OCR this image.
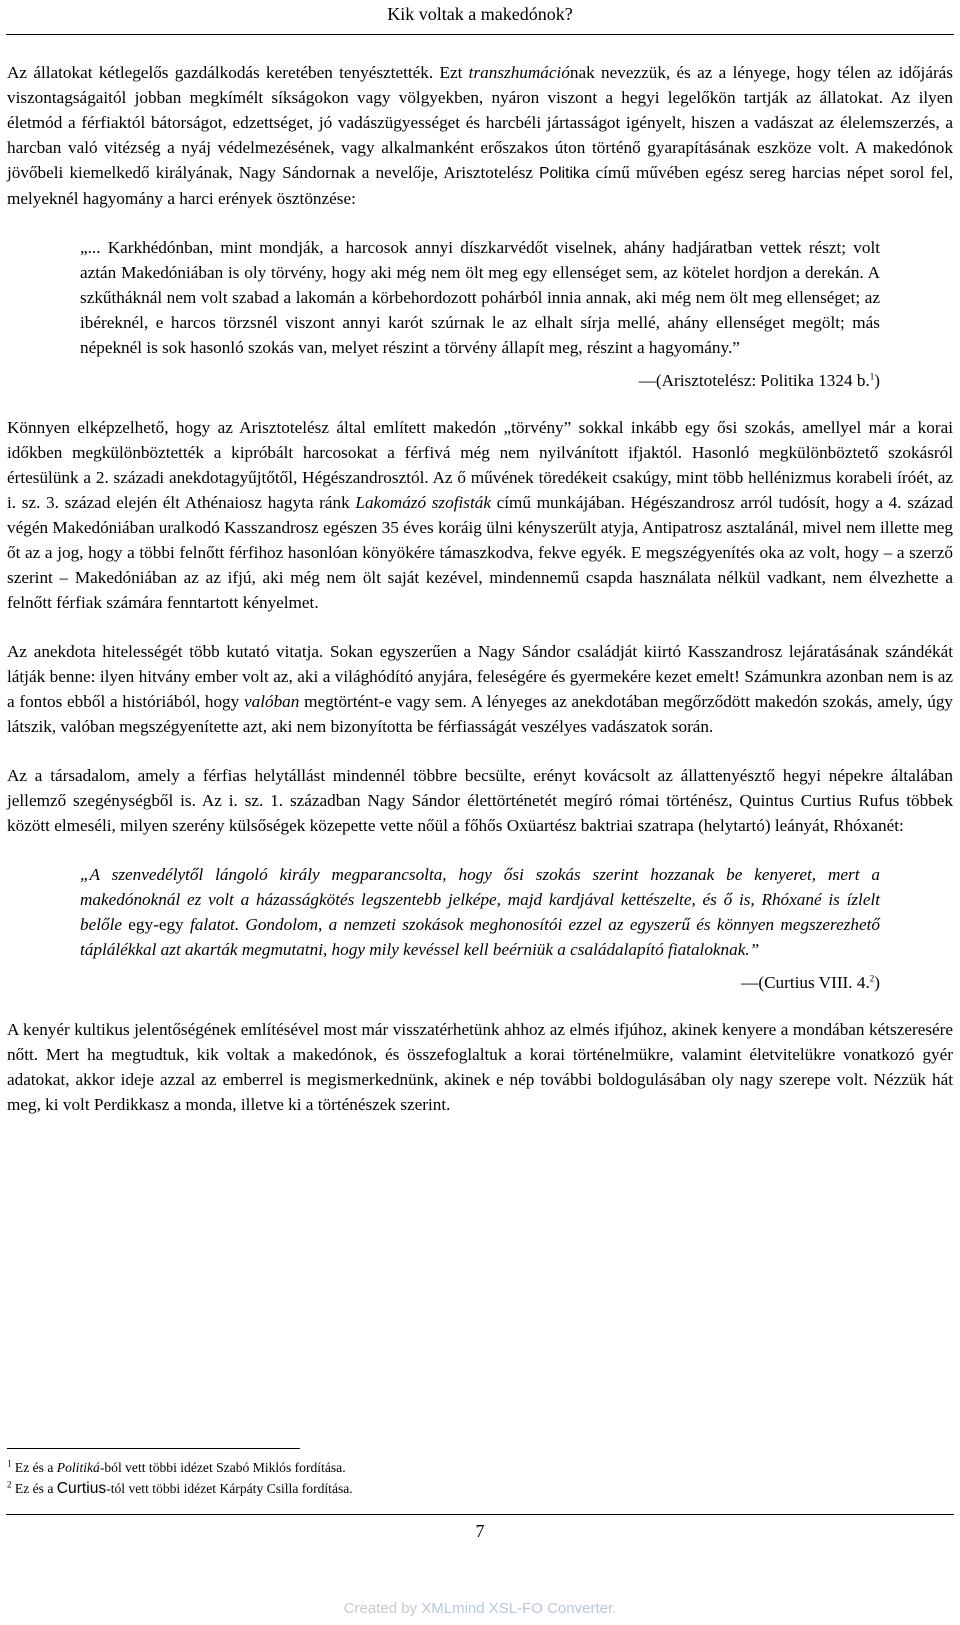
Kik voltak a makedónok?

Az állatokat kétlegelős gazdálkodás keretében tenyésztették. Ezt transzhumációnak nevezzük, és az a lényege, hogy télen az időjárás viszontagságaitól jobban megkímélt síkságokon vagy völgyekben, nyáron viszont a hegyi legelőkön tartják az állatokat. Az ilyen életmód a férfiaktól bátorságot, edzettséget, jó vadászügyességet és harcbéli jártasságot igényelt, hiszen a vadászat az élelemszerzés, a harcban való vitézség a nyáj védelmezésének, vagy alkalmanként erőszakos úton történő gyarapításának eszköze volt. A makedónok jövőbeli kiemelkedő királyának, Nagy Sándornak a nevelője, Arisztotelész Politika című művében egész sereg harcias népet sorol fel, melyeknél hagyomány a harci erények ösztönzése:

„... Karkhédónban, mint mondják, a harcosok annyi díszkarvédőt viselnek, ahány hadjáratban vettek részt; volt aztán Makedóniában is oly törvény, hogy aki még nem ölt meg egy ellenséget sem, az kötelet hordjon a derekán. A szkűtháknál nem volt szabad a lakomán a körbehordozott pohárból innia annak, aki még nem ölt meg ellenséget; az ibéreknél, e harcos törzsnél viszont annyi karót szúrnak le az elhalt sírja mellé, ahány ellenséget megölt; más népeknél is sok hasonló szokás van, melyet részint a törvény állapít meg, részint a hagyomány.”

—(Arisztotelész: Politika 1324 b.$^1$)

Könnyen elképzelhető, hogy az Arisztotelész által említett makedón „törvény” sokkal inkább egy ősi szokás, amellyel már a korai időkben megkülönböztették a kipróbált harcosokat a férfivá még nem nyilvánított ifjaktól. Hasonló megkülönböztető szokásról értesülünk a 2. századi anekdotagyűjtőtől, Hégészandrosztól. Az ő művének töredékeit csakúgy, mint több hellénizmus korabeli íróét, az i. sz. 3. század elején élt Athénaiosz hagyta ránk Lakomázó szofisták című munkájában. Hégészandrosz arról tudósít, hogy a 4. század végén Makedóniában uralkodó Kasszandrosz egészen 35 éves koráig ülni kényszerült atyja, Antipatrosz asztalánál, mivel nem illette meg őt az a jog, hogy a többi felnőtt férfihoz hasonlóan könyökére támaszkodva, fekve egyék. E megszégyenítés oka az volt, hogy – a szerző szerint – Makedóniában az az ifjú, aki még nem ölt saját kezével, mindennemű csapda használata nélkül vadkant, nem élvezhette a felnőtt férfiak számára fenntartott kényelmet.

Az anekdota hitelességét több kutató vitatja. Sokan egyszerűen a Nagy Sándor családját kiirtó Kasszandrosz lejáratásának szándékát látják benne: ilyen hitvány ember volt az, aki a világhódító anyjára, feleségére és gyermekére kezet emelt! Számunkra azonban nem is az a fontos ebből a históriából, hogy valóban megtörtént-e vagy sem. A lényeges az anekdotában megőrződött makedón szokás, amely, úgy látszik, valóban megszégyenítette azt, aki nem bizonyította be férfiasságát veszélyes vadászatok során.

Az a társadalom, amely a férfias helytállást mindennél többre becsülte, erényt kovácsolt az állattenyésztő hegyi népekre általában jellemző szegénységből is. Az i. sz. 1. században Nagy Sándor élettörténetét megíró római történész, Quintus Curtius Rufus többek között elmeséli, milyen szerény külsőségek közepette vette nőül a főhős Oxüartész baktriai szatrapa (helytartó) leányát, Rhóxanét:

„A szenvedélytől lángoló király megparancsolta, hogy ősi szokás szerint hozzanak be kenyeret, mert a makedónoknál ez volt a házasságkötés legszentebb jelképe, majd kardjával kettészelte, és ő is, Rhóxané is ízlelt belőle egy-egy falatot. Gondolom, a nemzeti szokások meghonosítói ezzel az egyszerű és könnyen megszerezhető táplálékkal azt akarták megmutatni, hogy mily kevéssel kell beérniük a családalapító fiataloknak.”

—(Curtius VIII. 4.$^2$)

A kenyér kultikus jelentőségének említésével most már visszatérhetünk ahhoz az elmés ifjúhoz, akinek kenyere a mondában kétszeresére nőtt. Mert ha megtudtuk, kik voltak a makedónok, és összefoglaltuk a korai történelmükre, valamint életvitelükre vonatkozó gyér adatokat, akkor ideje azzal az emberrel is megismerkednünk, akinek e nép további boldogulásában oly nagy szerepe volt. Nézzük hát meg, ki volt Perdikkasz a monda, illetve ki a történészek szerint.

$^1$ Ez és a Politiká-ból vett többi idézet Szabó Miklós fordítása.

$^2$ Ez és a Curtius-tól vett többi idézet Kárpáty Csilla fordítása.

7
Created by XMLmind XSL-FO Converter.
